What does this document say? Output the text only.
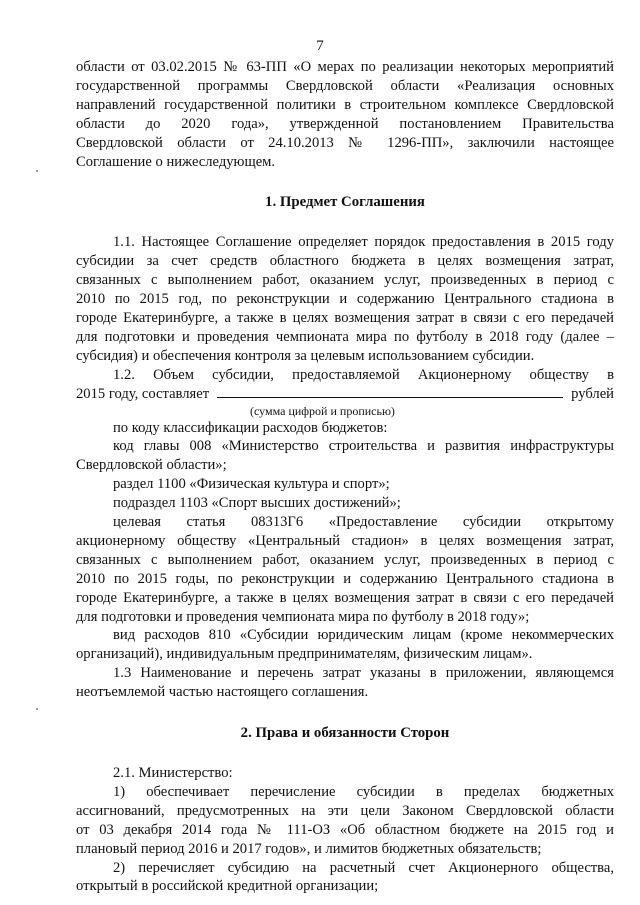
7

области от 03.02.2015 № 63-ПП «О мерах по реализации некоторых мероприятий

государственной программы Свердловской области «Реализация основных

направлений государственной политики в строительном комплексе Свердловской

области до 2020 года», утвержденной постановлением Правительства

Свердловской области от 24.10.2013 № 1296-ПП», заключили настоящее

Соглашение о нижеследующем.

1. Предмет Соглашения

1.1. Настоящее Соглашение определяет порядок предоставления в 2015 году

субсидии за счет средств областного бюджета в целях возмещения затрат,

связанных с выполнением работ, оказанием услуг, произведенных в период с

2010 по 2015 год, по реконструкции и содержанию Центрального стадиона в

городе Екатеринбурге, а также в целях возмещения затрат в связи с его передачей

для подготовки и проведения чемпионата мира по футболу в 2018 году (далее –

субсидия) и обеспечения контроля за целевым использованием субсидии.

1.2. Объем субсидии, предоставляемой Акционерному обществу в

2015 году, составляет	рублей

(сумма цифрой и прописью)

по коду классификации расходов бюджетов:

код главы 008 «Министерство строительства и развития инфраструктуры

Свердловской области»;

раздел 1100 «Физическая культура и спорт»;

подраздел 1103 «Спорт высших достижений»;

целевая статья 08313Г6 «Предоставление субсидии открытому

акционерному обществу «Центральный стадион» в целях возмещения затрат,

связанных с выполнением работ, оказанием услуг, произведенных в период с

2010 по 2015 годы, по реконструкции и содержанию Центрального стадиона в

городе Екатеринбурге, а также в целях возмещения затрат в связи с его передачей

для подготовки и проведения чемпионата мира по футболу в 2018 году»;

вид расходов 810 «Субсидии юридическим лицам (кроме некоммерческих

организаций), индивидуальным предпринимателям, физическим лицам».

1.3 Наименование и перечень затрат указаны в приложении, являющемся

неотъемлемой частью настоящего соглашения.

2. Права и обязанности Сторон

2.1. Министерство:

1) обеспечивает перечисление субсидии в пределах бюджетных

ассигнований, предусмотренных на эти цели Законом Свердловской области

от 03 декабря 2014 года № 111-ОЗ «Об областном бюджете на 2015 год и

плановый период 2016 и 2017 годов», и лимитов бюджетных обязательств;

2) перечисляет субсидию на расчетный счет Акционерного общества,

открытый в российской кредитной организации;
